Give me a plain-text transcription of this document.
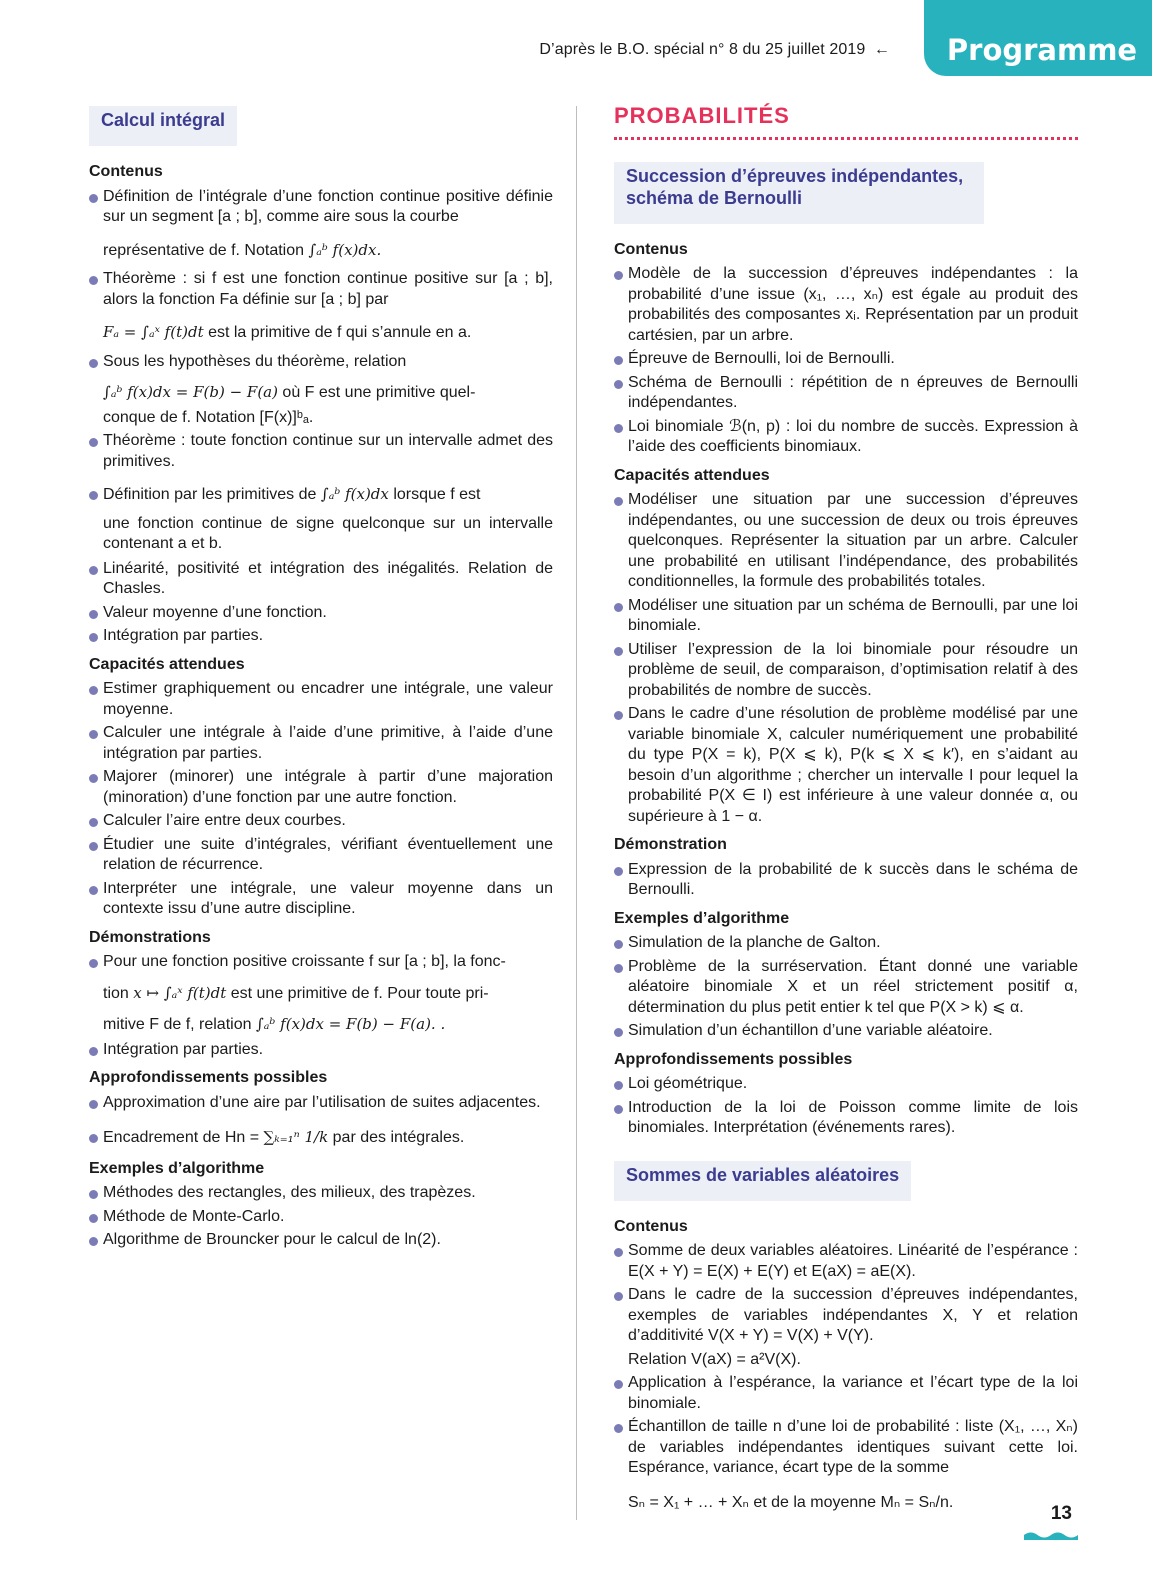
D’après le B.O. spécial n° 8 du 25 juillet 2019 ←	Programme
Calcul intégral
Contenus
Définition de l’intégrale d’une fonction continue positive définie sur un segment [a ; b], comme aire sous la courbe
représentative de f. Notation ∫ₐᵇ f(x)dx.
Théorème : si f est une fonction continue positive sur [a ; b], alors la fonction Fa définie sur [a ; b] par
Fₐ = ∫ₐˣ f(t)dt est la primitive de f qui s’annule en a.
Sous les hypothèses du théorème, relation
∫ₐᵇ f(x)dx = F(b) − F(a) où F est une primitive quel-
conque de f. Notation [F(x)]ᵇₐ.
Théorème : toute fonction continue sur un intervalle admet des primitives.
Définition par les primitives de ∫ₐᵇ f(x)dx lorsque f est
une fonction continue de signe quelconque sur un intervalle contenant a et b.
Linéarité, positivité et intégration des inégalités. Relation de Chasles.
Valeur moyenne d’une fonction.
Intégration par parties.
Capacités attendues
Estimer graphiquement ou encadrer une intégrale, une valeur moyenne.
Calculer une intégrale à l’aide d’une primitive, à l’aide d’une intégration par parties.
Majorer (minorer) une intégrale à partir d’une majoration (minoration) d’une fonction par une autre fonction.
Calculer l’aire entre deux courbes.
Étudier une suite d’intégrales, vérifiant éventuellement une relation de récurrence.
Interpréter une intégrale, une valeur moyenne dans un contexte issu d’une autre discipline.
Démonstrations
Pour une fonction positive croissante f sur [a ; b], la fonc-
tion x ↦ ∫ₐˣ f(t)dt est une primitive de f. Pour toute pri-
mitive F de f, relation ∫ₐᵇ f(x)dx = F(b) − F(a). .
Intégration par parties.
Approfondissements possibles
Approximation d’une aire par l’utilisation de suites adjacentes.
Encadrement de Hn = ∑ₖ₌₁ⁿ 1/k par des intégrales.
Exemples d’algorithme
Méthodes des rectangles, des milieux, des trapèzes.
Méthode de Monte-Carlo.
Algorithme de Brouncker pour le calcul de ln(2).
PROBABILITÉS
Succession d’épreuves indépendantes, schéma de Bernoulli
Contenus
Modèle de la succession d’épreuves indépendantes : la probabilité d’une issue (x₁, …, xₙ) est égale au produit des probabilités des composantes xᵢ. Représentation par un produit cartésien, par un arbre.
Épreuve de Bernoulli, loi de Bernoulli.
Schéma de Bernoulli : répétition de n épreuves de Bernoulli indépendantes.
Loi binomiale ℬ(n, p) : loi du nombre de succès. Expression à l’aide des coefficients binomiaux.
Capacités attendues
Modéliser une situation par une succession d’épreuves indépendantes, ou une succession de deux ou trois épreuves quelconques. Représenter la situation par un arbre. Calculer une probabilité en utilisant l’indépendance, des probabilités conditionnelles, la formule des probabilités totales.
Modéliser une situation par un schéma de Bernoulli, par une loi binomiale.
Utiliser l’expression de la loi binomiale pour résoudre un problème de seuil, de comparaison, d’optimisation relatif à des probabilités de nombre de succès.
Dans le cadre d’une résolution de problème modélisé par une variable binomiale X, calculer numériquement une probabilité du type P(X = k), P(X ⩽ k), P(k ⩽ X ⩽ k′), en s’aidant au besoin d’un algorithme ; chercher un intervalle I pour lequel la probabilité P(X ∈ I) est inférieure à une valeur donnée α, ou supérieure à 1 − α.
Démonstration
Expression de la probabilité de k succès dans le schéma de Bernoulli.
Exemples d’algorithme
Simulation de la planche de Galton.
Problème de la surréservation. Étant donné une variable aléatoire binomiale X et un réel strictement positif α, détermination du plus petit entier k tel que P(X > k) ⩽ α.
Simulation d’un échantillon d’une variable aléatoire.
Approfondissements possibles
Loi géométrique.
Introduction de la loi de Poisson comme limite de lois binomiales. Interprétation (événements rares).
Sommes de variables aléatoires
Contenus
Somme de deux variables aléatoires. Linéarité de l’espérance : E(X + Y) = E(X) + E(Y) et E(aX) = aE(X).
Dans le cadre de la succession d’épreuves indépendantes, exemples de variables indépendantes X, Y et relation d’additivité V(X + Y) = V(X) + V(Y).
Relation V(aX) = a²V(X).
Application à l’espérance, la variance et l’écart type de la loi binomiale.
Échantillon de taille n d’une loi de probabilité : liste (X₁, …, Xₙ) de variables indépendantes identiques suivant cette loi. Espérance, variance, écart type de la somme
Sₙ = X₁ + … + Xₙ et de la moyenne Mₙ = Sₙ/n.
13
